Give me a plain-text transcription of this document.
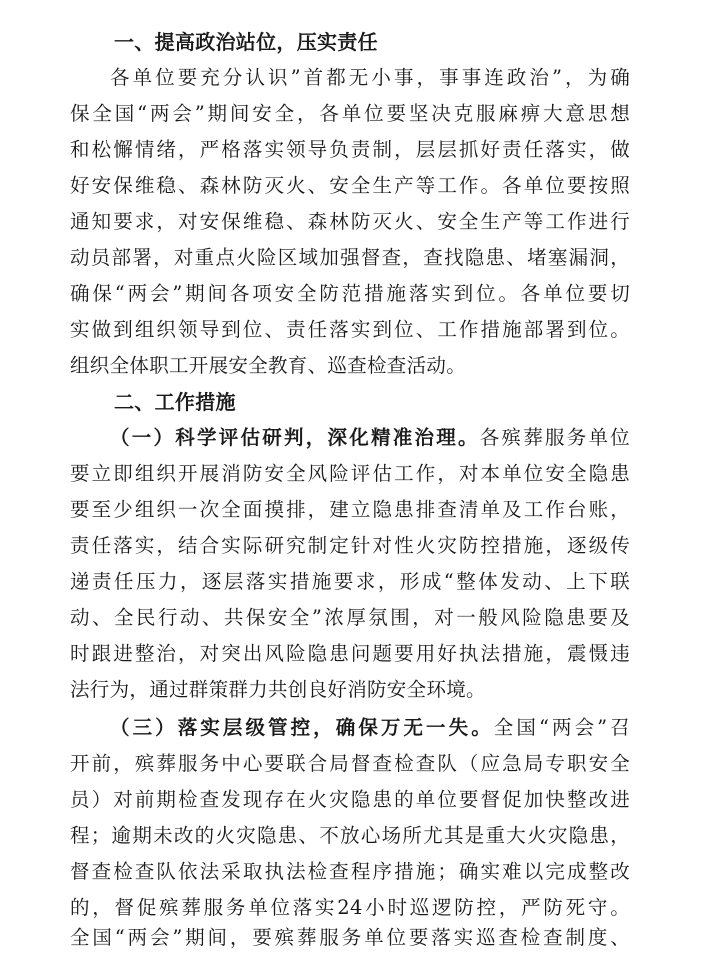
一、提高政治站位，压实责任
各单位要充分认识”首都无小事，事事连政治”，为确
保全国“两会”期间安全，各单位要坚决克服麻痹大意思想
和松懈情绪，严格落实领导负责制，层层抓好责任落实，做
好安保维稳、森林防灭火、安全生产等工作。各单位要按照
通知要求，对安保维稳、森林防灭火、安全生产等工作进行
动员部署，对重点火险区域加强督查，查找隐患、堵塞漏洞，
确保“两会”期间各项安全防范措施落实到位。各单位要切
实做到组织领导到位、责任落实到位、工作措施部署到位。
组织全体职工开展安全教育、巡查检查活动。
二、工作措施
（一）科学评估研判，深化精准治理。各殡葬服务单位
要立即组织开展消防安全风险评估工作，对本单位安全隐患
要至少组织一次全面摸排，建立隐患排查清单及工作台账，
责任落实，结合实际研究制定针对性火灾防控措施，逐级传
递责任压力，逐层落实措施要求，形成“整体发动、上下联
动、全民行动、共保安全”浓厚氛围，对一般风险隐患要及
时跟进整治，对突出风险隐患问题要用好执法措施，震慑违
法行为，通过群策群力共创良好消防安全环境。
（三）落实层级管控，确保万无一失。全国“两会”召
开前，殡葬服务中心要联合局督查检查队（应急局专职安全
员）对前期检查发现存在火灾隐患的单位要督促加快整改进
程；逾期未改的火灾隐患、不放心场所尤其是重大火灾隐患，
督查检查队依法采取执法检查程序措施；确实难以完成整改
的，督促殡葬服务单位落实24小时巡逻防控，严防死守。
全国“两会”期间，要殡葬服务单位要落实巡查检查制度、
